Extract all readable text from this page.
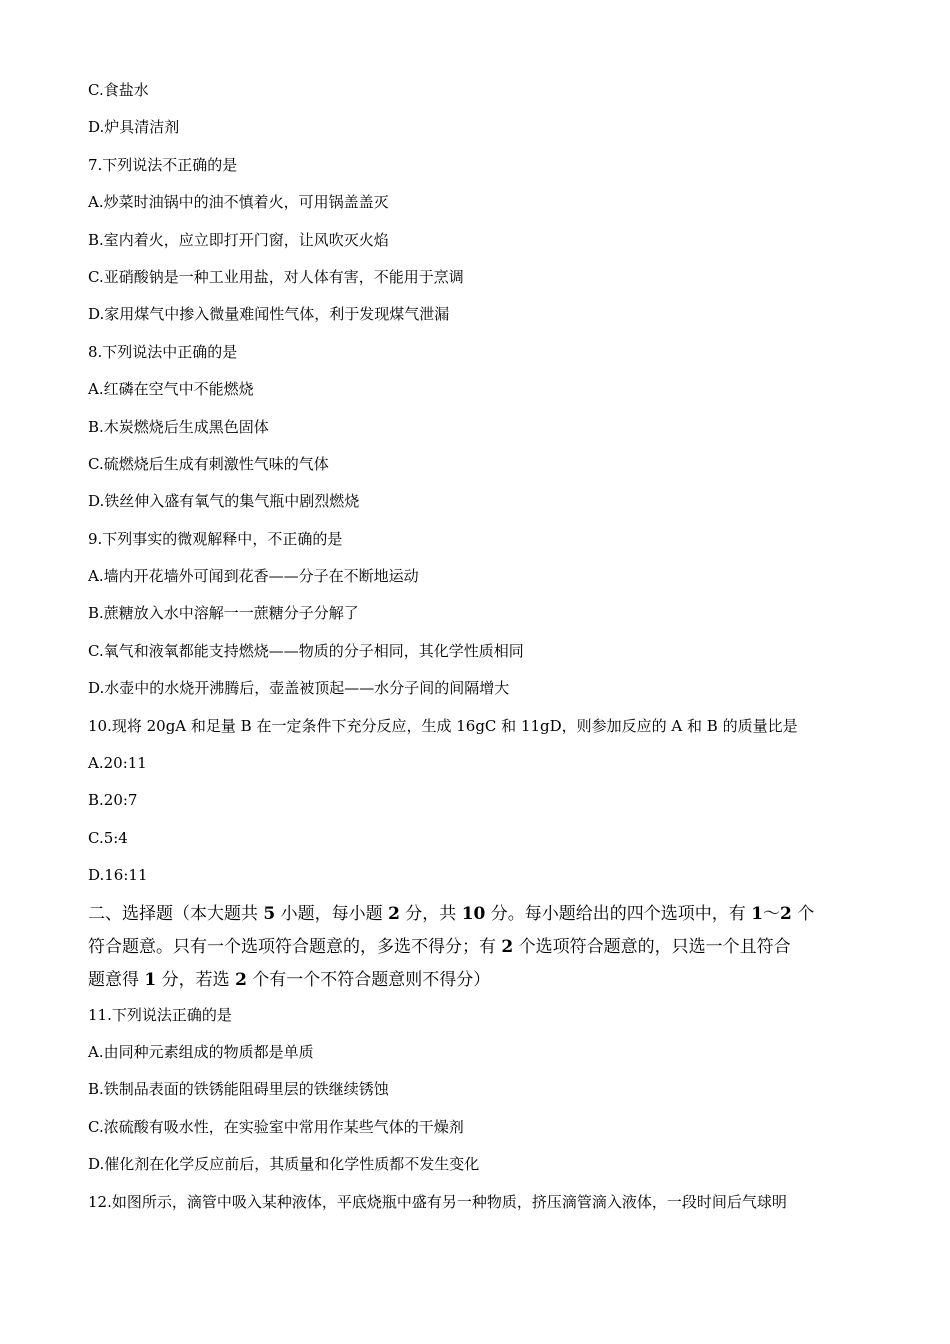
C.食盐水
D.炉具清洁剂
7.下列说法不正确的是
A.炒菜时油锅中的油不慎着火，可用锅盖盖灭
B.室内着火，应立即打开门窗，让风吹灭火焰
C.亚硝酸钠是一种工业用盐，对人体有害，不能用于烹调
D.家用煤气中掺入微量难闻性气体，利于发现煤气泄漏
8.下列说法中正确的是
A.红磷在空气中不能燃烧
B.木炭燃烧后生成黑色固体
C.硫燃烧后生成有刺激性气味的气体
D.铁丝伸入盛有氧气的集气瓶中剧烈燃烧
9.下列事实的微观解释中，不正确的是
A.墙内开花墙外可闻到花香——分子在不断地运动
B.蔗糖放入水中溶解一一蔗糖分子分解了
C.氧气和液氧都能支持燃烧——物质的分子相同，其化学性质相同
D.水壶中的水烧开沸腾后，壶盖被顶起——水分子间的间隔增大
10.现将 20gA 和足量 B 在一定条件下充分反应，生成 16gC 和 11gD，则参加反应的 A 和 B 的质量比是
A.20:11
B.20:7
C.5:4
D.16:11

二、选择题（本大题共 5 小题，每小题 2 分，共 10 分。每小题给出的四个选项中，有 1～2 个

符合题意。只有一个选项符合题意的，多选不得分；有 2 个选项符合题意的，只选一个且符合

题意得 1 分，若选 2 个有一个不符合题意则不得分）

11.下列说法正确的是
A.由同种元素组成的物质都是单质
B.铁制品表面的铁锈能阻碍里层的铁继续锈蚀
C.浓硫酸有吸水性，在实验室中常用作某些气体的干燥剂
D.催化剂在化学反应前后，其质量和化学性质都不发生变化
12.如图所示，滴管中吸入某种液体，平底烧瓶中盛有另一种物质，挤压滴管滴入液体，一段时间后气球明
